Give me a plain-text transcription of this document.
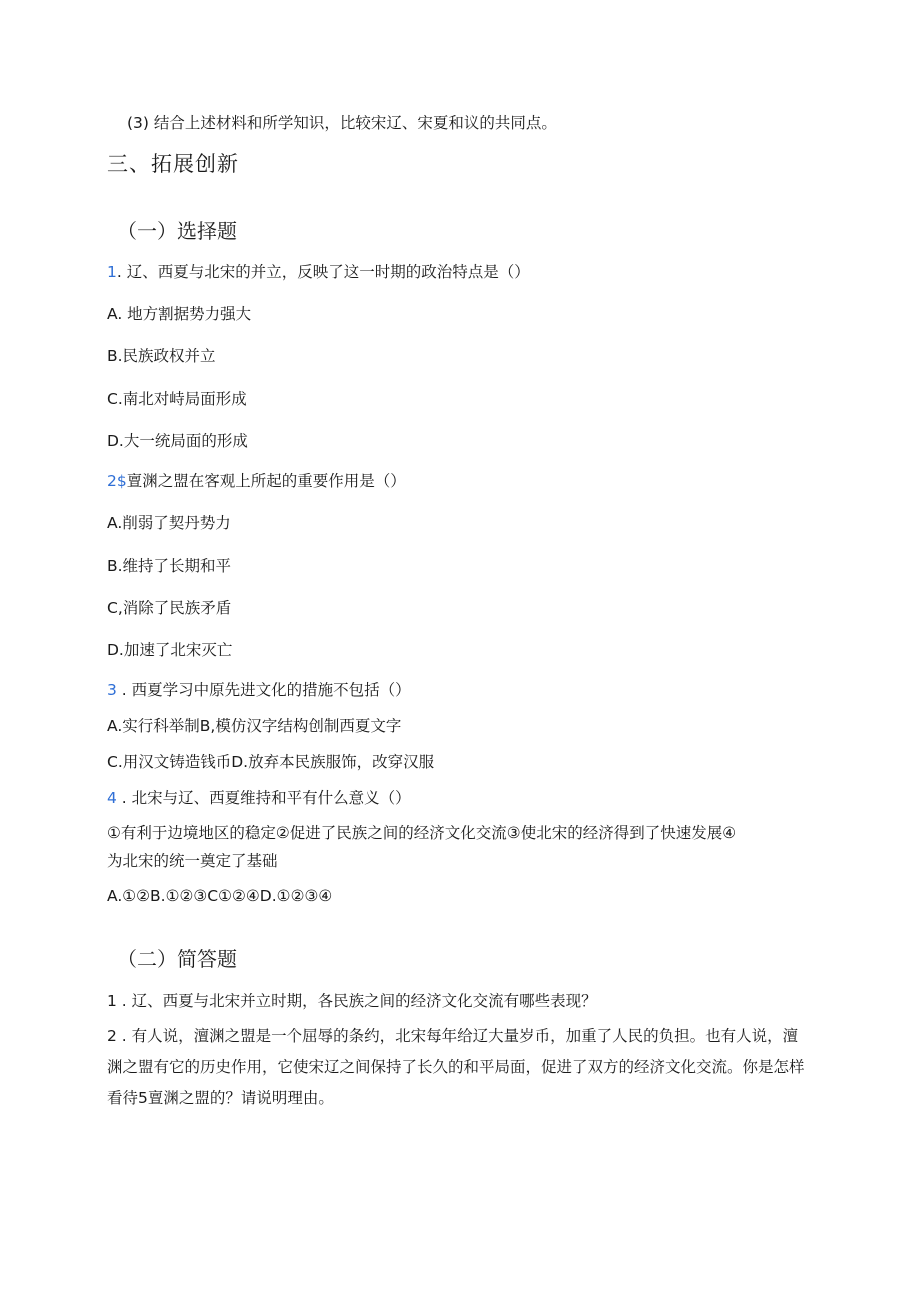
(3) 结合上述材料和所学知识，比较宋辽、宋夏和议的共同点。
三、拓展创新
（一）选择题
1. 辽、西夏与北宋的并立，反映了这一时期的政治特点是（）
A. 地方割据势力强大
B.民族政权并立
C.南北对峙局面形成
D.大一统局面的形成
2$亶渊之盟在客观上所起的重要作用是（）
A.削弱了契丹势力
B.维持了长期和平
C,消除了民族矛盾
D.加速了北宋灭亡
3 . 西夏学习中原先进文化的措施不包括（）
A.实行科举制B,模仿汉字结构创制西夏文字
C.用汉文铸造钱币D.放弃本民族服饰，改穿汉服
4 . 北宋与辽、西夏维持和平有什么意义（）
①有利于边境地区的稳定②促进了民族之间的经济文化交流③使北宋的经济得到了快速发展④
为北宋的统一奠定了基础
A.①②B.①②③C①②④D.①②③④
（二）简答题
1 . 辽、西夏与北宋并立时期，各民族之间的经济文化交流有哪些表现？
2 . 有人说，澶渊之盟是一个屈辱的条约，北宋每年给辽大量岁币，加重了人民的负担。也有人说，澶渊之盟有它的历史作用，它使宋辽之间保持了长久的和平局面，促进了双方的经济文化交流。你是怎样看待5亶渊之盟的？请说明理由。
